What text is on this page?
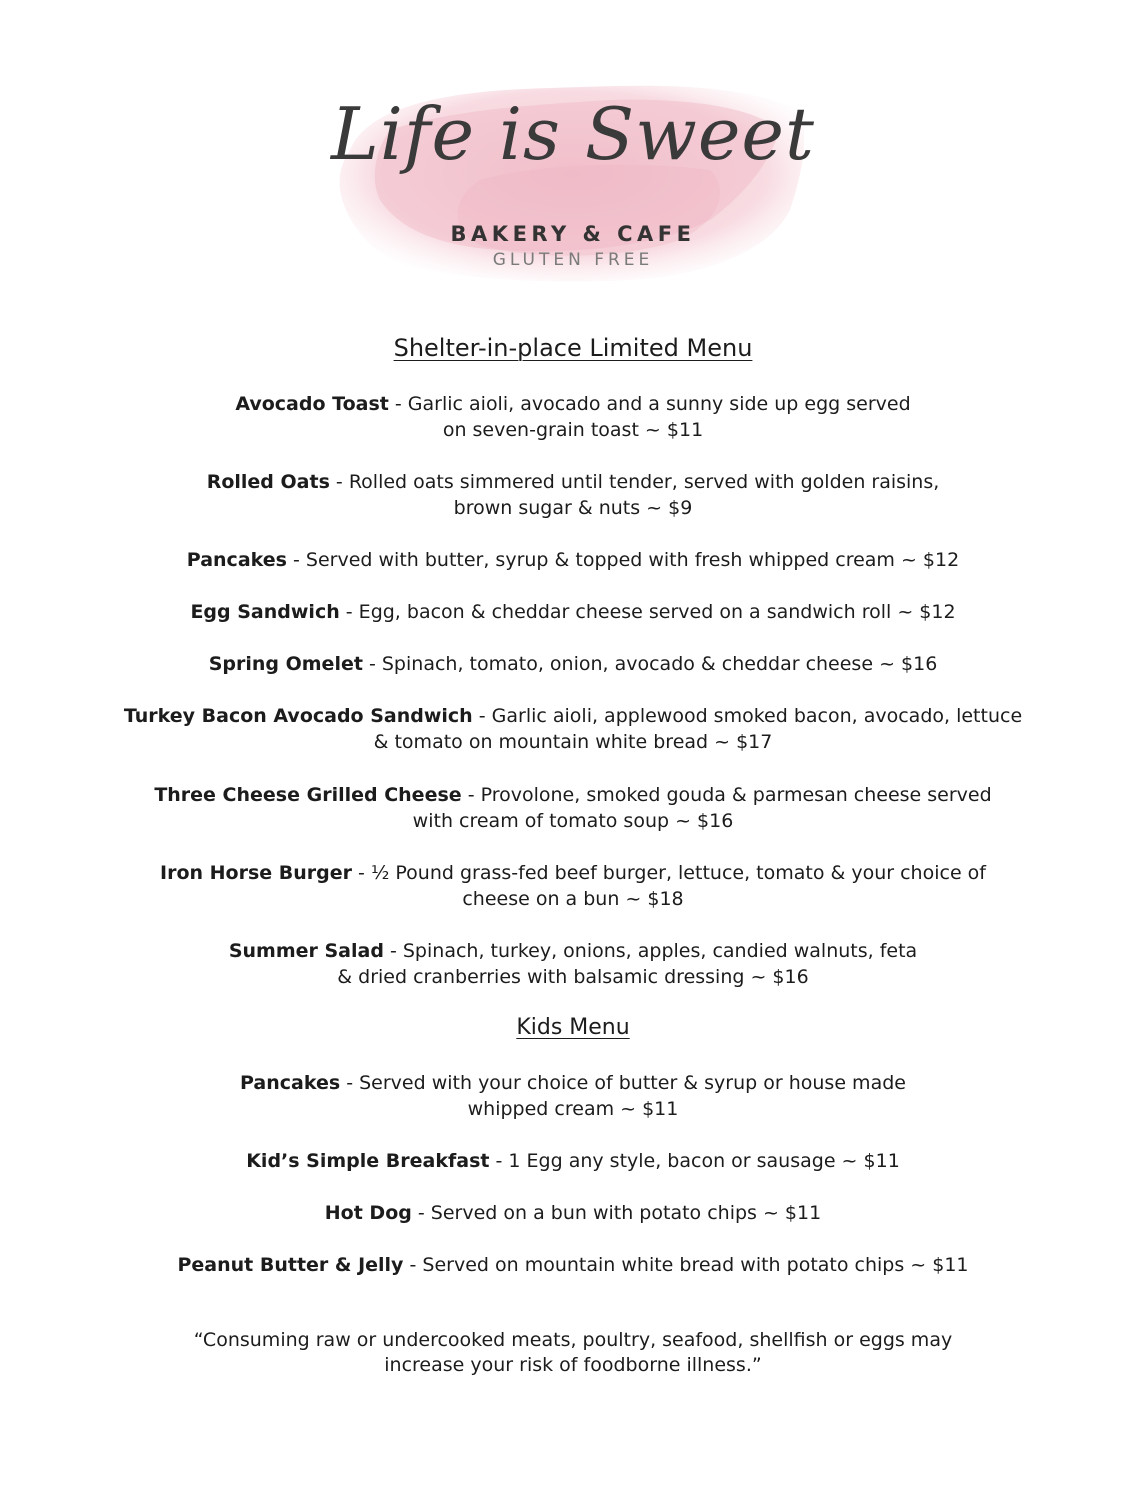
Life is Sweet
BAKERY & CAFE
GLUTEN FREE
Shelter-in-place Limited Menu
Avocado Toast - Garlic aioli, avocado and a sunny side up egg served
on seven-grain toast ~ $11
Rolled Oats - Rolled oats simmered until tender, served with golden raisins,
brown sugar & nuts ~ $9
Pancakes - Served with butter, syrup & topped with fresh whipped cream ~ $12
Egg Sandwich - Egg, bacon & cheddar cheese served on a sandwich roll ~ $12
Spring Omelet - Spinach, tomato, onion, avocado & cheddar cheese ~ $16
Turkey Bacon Avocado Sandwich - Garlic aioli, applewood smoked bacon, avocado, lettuce
& tomato on mountain white bread ~ $17
Three Cheese Grilled Cheese - Provolone, smoked gouda & parmesan cheese served
with cream of tomato soup ~ $16
Iron Horse Burger - ½ Pound grass-fed beef burger, lettuce, tomato & your choice of
cheese on a bun ~ $18
Summer Salad - Spinach, turkey, onions, apples, candied walnuts, feta
& dried cranberries with balsamic dressing ~ $16
Kids Menu
Pancakes - Served with your choice of butter & syrup or house made
whipped cream ~ $11
Kid’s Simple Breakfast - 1 Egg any style, bacon or sausage ~ $11
Hot Dog - Served on a bun with potato chips ~ $11
Peanut Butter & Jelly - Served on mountain white bread with potato chips ~ $11
“Consuming raw or undercooked meats, poultry, seafood, shellfish or eggs may
increase your risk of foodborne illness.”
